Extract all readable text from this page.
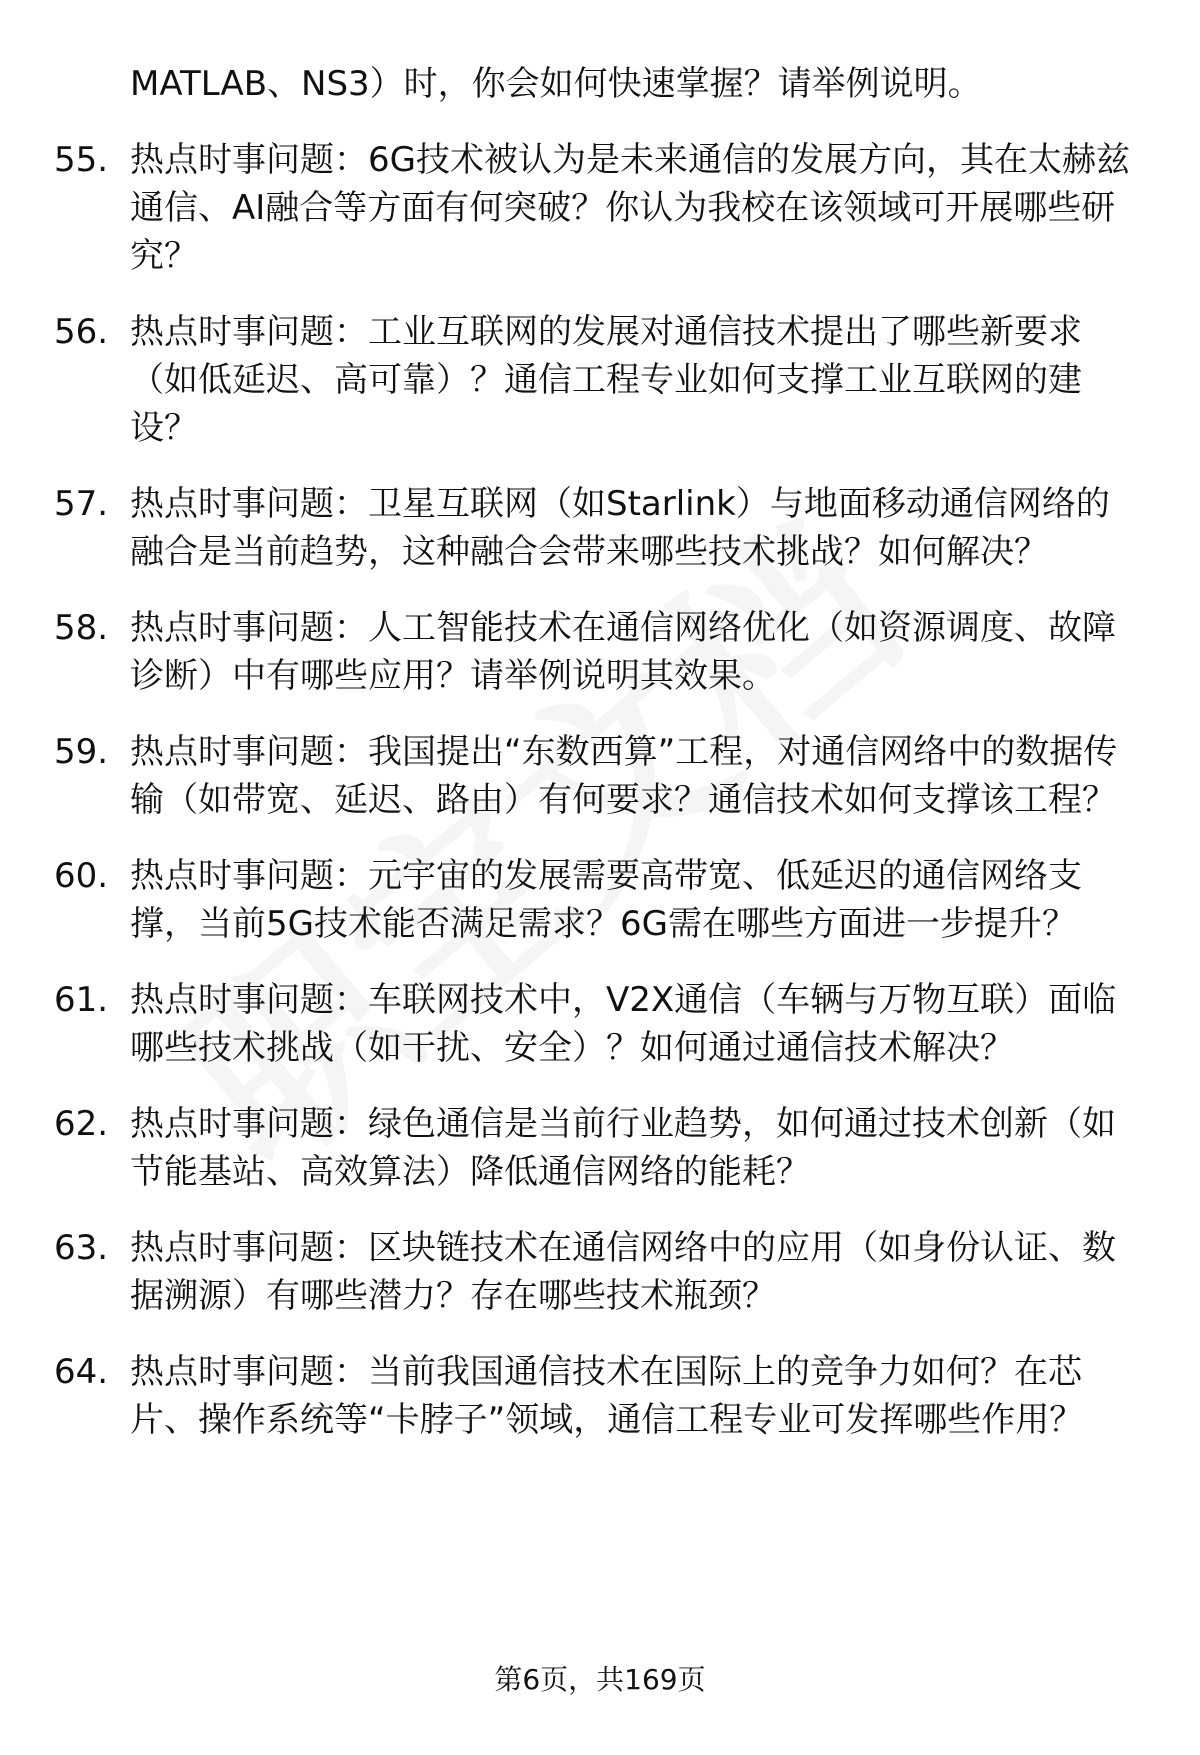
MATLAB、NS3）时，你会如何快速掌握？请举例说明。
55. 热点时事问题：6G技术被认为是未来通信的发展方向，其在太赫兹通信、AI融合等方面有何突破？你认为我校在该领域可开展哪些研究？
56. 热点时事问题：工业互联网的发展对通信技术提出了哪些新要求（如低延迟、高可靠）？通信工程专业如何支撑工业互联网的建设？
57. 热点时事问题：卫星互联网（如Starlink）与地面移动通信网络的融合是当前趋势，这种融合会带来哪些技术挑战？如何解决？
58. 热点时事问题：人工智能技术在通信网络优化（如资源调度、故障诊断）中有哪些应用？请举例说明其效果。
59. 热点时事问题：我国提出“东数西算”工程，对通信网络中的数据传输（如带宽、延迟、路由）有何要求？通信技术如何支撑该工程？
60. 热点时事问题：元宇宙的发展需要高带宽、低延迟的通信网络支撑，当前5G技术能否满足需求？6G需在哪些方面进一步提升？
61. 热点时事问题：车联网技术中，V2X通信（车辆与万物互联）面临哪些技术挑战（如干扰、安全）？如何通过通信技术解决？
62. 热点时事问题：绿色通信是当前行业趋势，如何通过技术创新（如节能基站、高效算法）降低通信网络的能耗？
63. 热点时事问题：区块链技术在通信网络中的应用（如身份认证、数据溯源）有哪些潜力？存在哪些技术瓶颈？
64. 热点时事问题：当前我国通信技术在国际上的竞争力如何？在芯片、操作系统等“卡脖子”领域，通信工程专业可发挥哪些作用？
第6页，共169页
